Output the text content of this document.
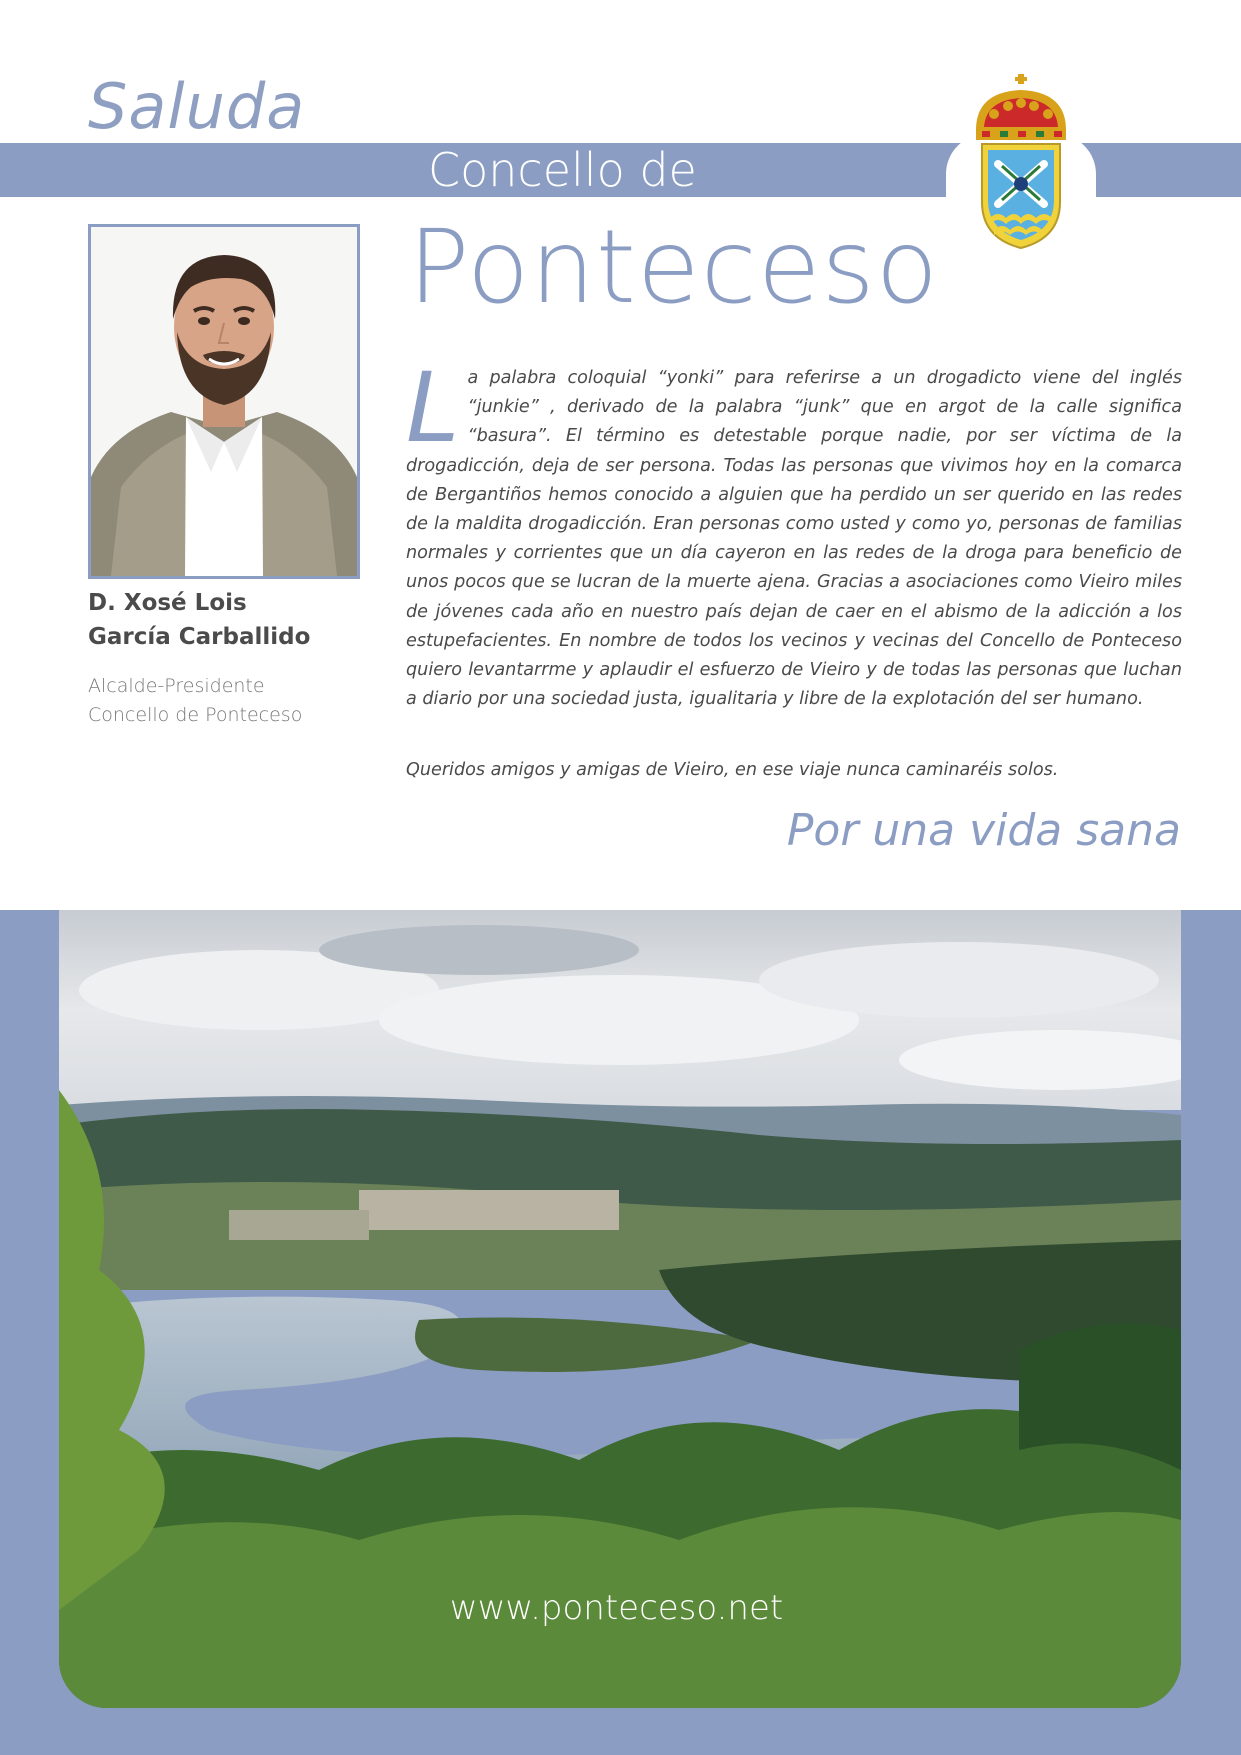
Saluda
Concello de
Ponteceso
D. Xosé Lois
García Carballido
Alcalde-Presidente
Concello de Ponteceso
L a palabra coloquial “yonki” para referirse a un drogadicto viene del inglés “junkie” , derivado de la palabra “junk” que en argot de la calle significa “basura”. El término es detestable porque nadie, por ser víctima de la drogadicción, deja de ser persona. Todas las personas que vivimos hoy en la comarca de Bergantiños hemos conocido a alguien que ha perdido un ser querido en las redes de la maldita drogadicción. Eran personas como usted y como yo, personas de familias normales y corrientes que un día cayeron en las redes de la droga para beneficio de unos pocos que se lucran de la muerte ajena. Gracias a asociaciones como Vieiro miles de jóvenes cada año en nuestro país dejan de caer en el abismo de la adicción a los estupefacientes. En nombre de todos los vecinos y vecinas del Concello de Ponteceso quiero levantarrme y aplaudir el esfuerzo de Vieiro y de todas las personas que luchan a diario por una sociedad justa, igualitaria y libre de la explotación del ser humano.
Queridos amigos y amigas de Vieiro, en ese viaje nunca caminaréis solos.
Por una vida sana
www.ponteceso.net
